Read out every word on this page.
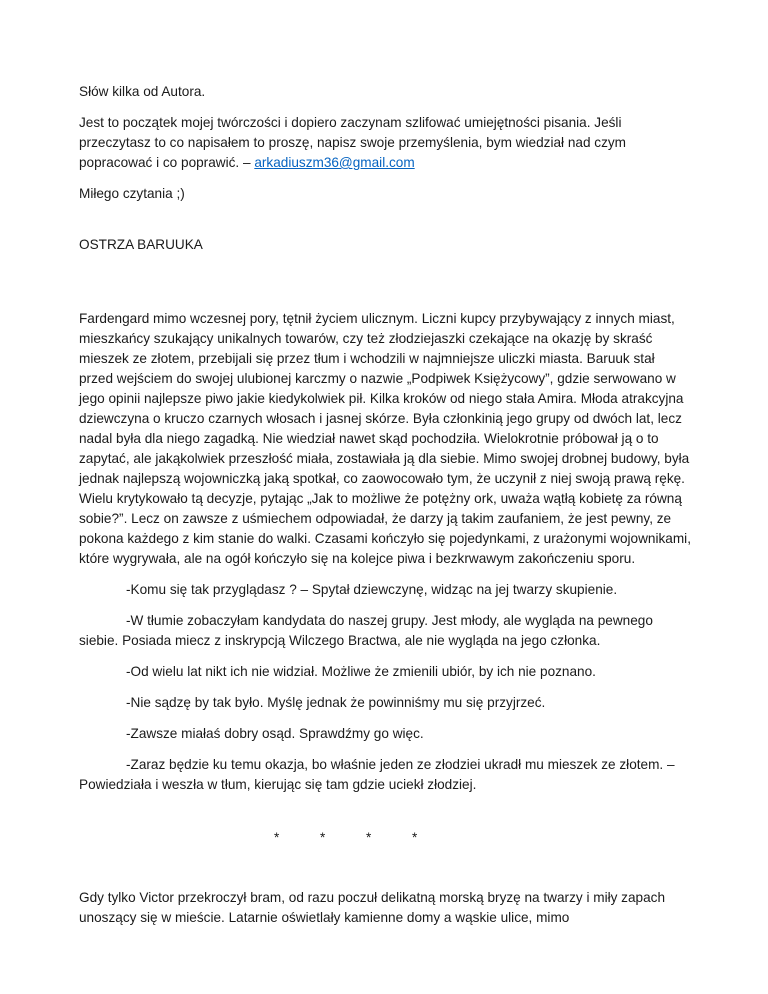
Słów kilka od Autora.

Jest to początek mojej twórczości i dopiero zaczynam szlifować umiejętności pisania. Jeśli przeczytasz to co napisałem to proszę, napisz swoje przemyślenia, bym wiedział nad czym popracować i co poprawić. – arkadiuszm36@gmail.com

Miłego czytania ;)

OSTRZA BARUUKA

Fardengard mimo wczesnej pory, tętnił życiem ulicznym. Liczni kupcy przybywający z innych miast, mieszkańcy szukający unikalnych towarów, czy też złodziejaszki czekające na okazję by skraść mieszek ze złotem, przebijali się przez tłum i wchodzili w najmniejsze uliczki miasta. Baruuk stał przed wejściem do swojej ulubionej karczmy o nazwie „Podpiwek Księżycowy”, gdzie serwowano w jego opinii najlepsze piwo jakie kiedykolwiek pił. Kilka kroków od niego stała Amira. Młoda atrakcyjna dziewczyna o kruczo czarnych włosach i jasnej skórze. Była członkinią jego grupy od dwóch lat, lecz nadal była dla niego zagadką. Nie wiedział nawet skąd pochodziła. Wielokrotnie próbował ją o to zapytać, ale jakąkolwiek przeszłość miała, zostawiała ją dla siebie. Mimo swojej drobnej budowy, była jednak najlepszą wojowniczką jaką spotkał, co zaowocowało tym, że uczynił z niej swoją prawą rękę. Wielu krytykowało tą decyzje, pytając „Jak to możliwe że potężny ork, uważa wątłą kobietę za równą sobie?”. Lecz on zawsze z uśmiechem odpowiadał, że darzy ją takim zaufaniem, że jest pewny, ze pokona każdego z kim stanie do walki. Czasami kończyło się pojedynkami, z urażonymi wojownikami, które wygrywała, ale na ogół kończyło się na kolejce piwa i bezkrwawym zakończeniu sporu.

-Komu się tak przyglądasz ? – Spytał dziewczynę, widząc na jej twarzy skupienie.

-W tłumie zobaczyłam kandydata do naszej grupy. Jest młody, ale wygląda na pewnego siebie. Posiada miecz z inskrypcją Wilczego Bractwa, ale nie wygląda na jego członka.

-Od wielu lat nikt ich nie widział. Możliwe że zmienili ubiór, by ich nie poznano.

-Nie sądzę by tak było. Myślę jednak że powinniśmy mu się przyjrzeć.

-Zawsze miałaś dobry osąd. Sprawdźmy go więc.

-Zaraz będzie ku temu okazja, bo właśnie jeden ze złodziei ukradł mu mieszek ze złotem. – Powiedziała i weszła w tłum, kierując się tam gdzie uciekł złodziej.

*	*	*	*

Gdy tylko Victor przekroczył bram, od razu poczuł delikatną morską bryzę na twarzy i miły zapach unoszący się w mieście. Latarnie oświetlały kamienne domy a wąskie ulice, mimo
